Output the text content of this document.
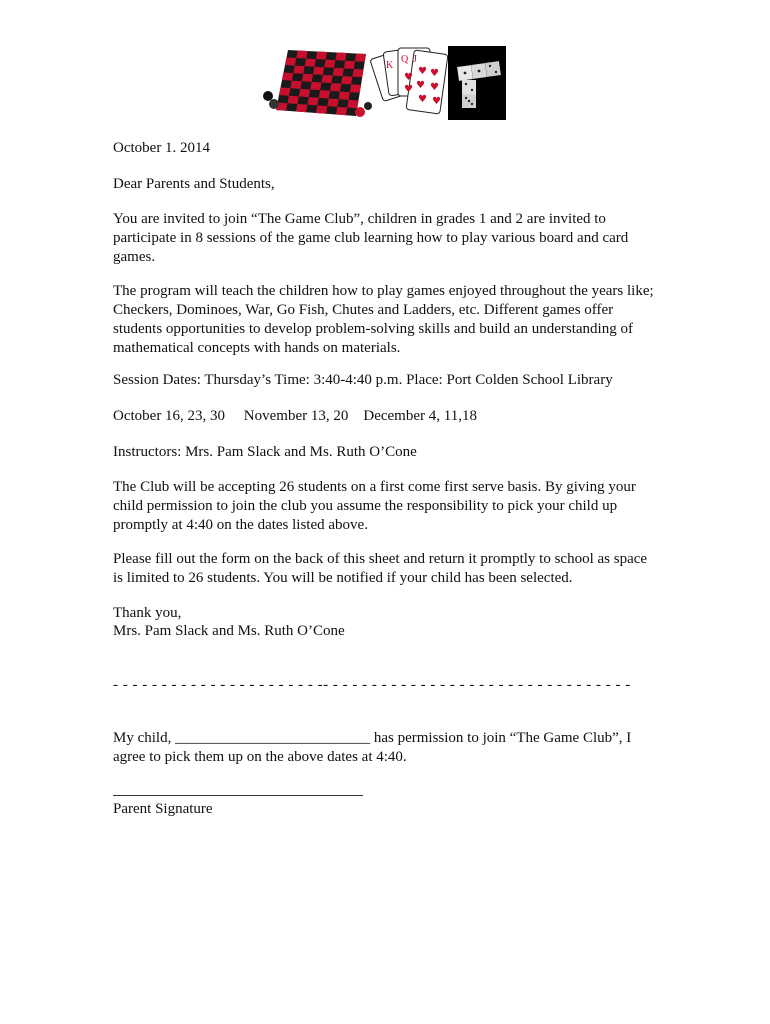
K
Q J
♥ ♥
♥ ♥
♥ ♥
♥
♥

October 1. 2014

Dear Parents and Students,

You are invited to join “The Game Club”, children in grades 1 and 2 are invited to participate in 8 sessions of the game club learning how to play various board and card games.

The program will teach the children how to play games enjoyed throughout the years like; Checkers, Dominoes, War, Go Fish, Chutes and Ladders, etc. Different games offer students opportunities to develop problem-solving skills and build an understanding of mathematical concepts with hands on materials.

Session Dates: Thursday’s Time: 3:40-4:40 p.m. Place: Port Colden School Library

October 16, 23, 30     November 13, 20    December 4, 11,18

Instructors: Mrs. Pam Slack and Ms. Ruth O’Cone

The Club will be accepting 26 students on a first come first serve basis. By giving your child permission to join the club you assume the responsibility to pick your child up promptly at 4:40 on the dates listed above.

Please fill out the form on the back of this sheet and return it promptly to school as space is limited to 26 students. You will be notified if your child has been selected.

Thank you,

Mrs. Pam Slack and Ms. Ruth O’Cone

- - - - - - - - - - - - - - - - - - - - - -- - - - - - - - - - - - - - - - - - - - - - - - - - - - - - - -

My child, __________________________ has permission to join “The Game Club”, I agree to pick them up on the above dates at 4:40.

Parent Signature
